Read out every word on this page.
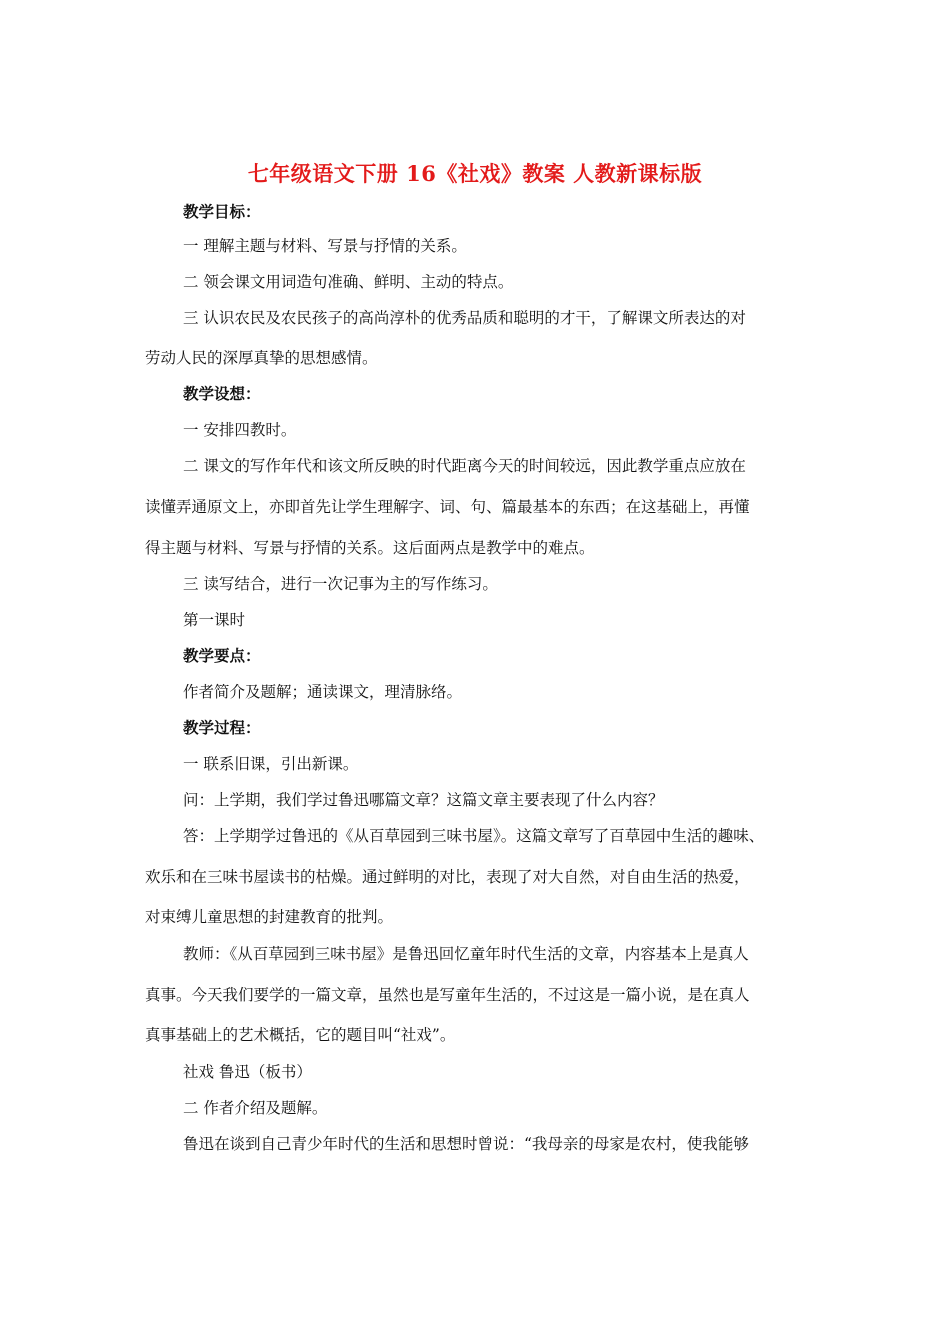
七年级语文下册 16《社戏》教案 人教新课标版
教学目标：
一 理解主题与材料、写景与抒情的关系。
二 领会课文用词造句准确、鲜明、主动的特点。
三 认识农民及农民孩子的高尚淳朴的优秀品质和聪明的才干，了解课文所表达的对
劳动人民的深厚真挚的思想感情。
教学设想：
一 安排四教时。
二 课文的写作年代和该文所反映的时代距离今天的时间较远，因此教学重点应放在
读懂弄通原文上，亦即首先让学生理解字、词、句、篇最基本的东西；在这基础上，再懂
得主题与材料、写景与抒情的关系。这后面两点是教学中的难点。
三 读写结合，进行一次记事为主的写作练习。
第一课时
教学要点：
作者简介及题解；通读课文，理清脉络。
教学过程：
一 联系旧课，引出新课。
问：上学期，我们学过鲁迅哪篇文章？这篇文章主要表现了什么内容？
答：上学期学过鲁迅的《从百草园到三味书屋》。这篇文章写了百草园中生活的趣味、
欢乐和在三味书屋读书的枯燥。通过鲜明的对比，表现了对大自然，对自由生活的热爱，
对束缚儿童思想的封建教育的批判。
教师：《从百草园到三味书屋》是鲁迅回忆童年时代生活的文章，内容基本上是真人
真事。今天我们要学的一篇文章，虽然也是写童年生活的，不过这是一篇小说，是在真人
真事基础上的艺术概括，它的题目叫“社戏”。
社戏 鲁迅（板书）
二 作者介绍及题解。
鲁迅在谈到自己青少年时代的生活和思想时曾说：“我母亲的母家是农村，使我能够
